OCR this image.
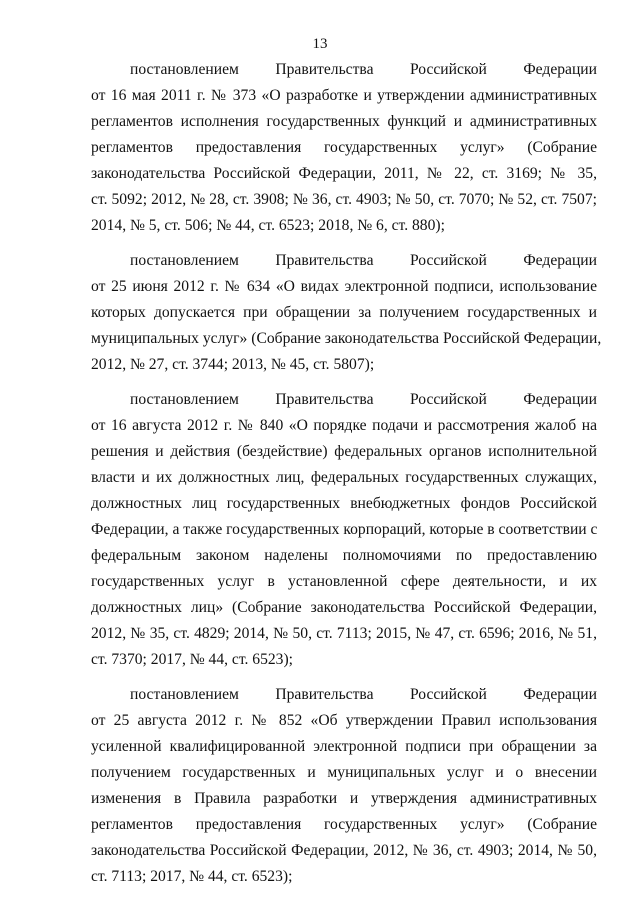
13

постановлением Правительства Российской Федерации
от 16 мая 2011 г. № 373 «О разработке и утверждении административных
регламентов исполнения государственных функций и административных
регламентов предоставления государственных услуг» (Собрание
законодательства Российской Федерации, 2011, № 22, ст. 3169; № 35,
ст. 5092; 2012, № 28, ст. 3908; № 36, ст. 4903; № 50, ст. 7070; № 52, ст. 7507;
2014, № 5, ст. 506; № 44, ст. 6523; 2018, № 6, ст. 880);

постановлением Правительства Российской Федерации
от 25 июня 2012 г. № 634 «О видах электронной подписи, использование
которых допускается при обращении за получением государственных и
муниципальных услуг» (Собрание законодательства Российской Федерации,
2012, № 27, ст. 3744; 2013, № 45, ст. 5807);

постановлением Правительства Российской Федерации
от 16 августа 2012 г. № 840 «О порядке подачи и рассмотрения жалоб на
решения и действия (бездействие) федеральных органов исполнительной
власти и их должностных лиц, федеральных государственных служащих,
должностных лиц государственных внебюджетных фондов Российской
Федерации, а также государственных корпораций, которые в соответствии с
федеральным законом наделены полномочиями по предоставлению
государственных услуг в установленной сфере деятельности, и их
должностных лиц» (Собрание законодательства Российской Федерации,
2012, № 35, ст. 4829; 2014, № 50, ст. 7113; 2015, № 47, ст. 6596; 2016, № 51,
ст. 7370; 2017, № 44, ст. 6523);

постановлением Правительства Российской Федерации
от 25 августа 2012 г. № 852 «Об утверждении Правил использования
усиленной квалифицированной электронной подписи при обращении за
получением государственных и муниципальных услуг и о внесении
изменения в Правила разработки и утверждения административных
регламентов предоставления государственных услуг» (Собрание
законодательства Российской Федерации, 2012, № 36, ст. 4903; 2014, № 50,
ст. 7113; 2017, № 44, ст. 6523);
